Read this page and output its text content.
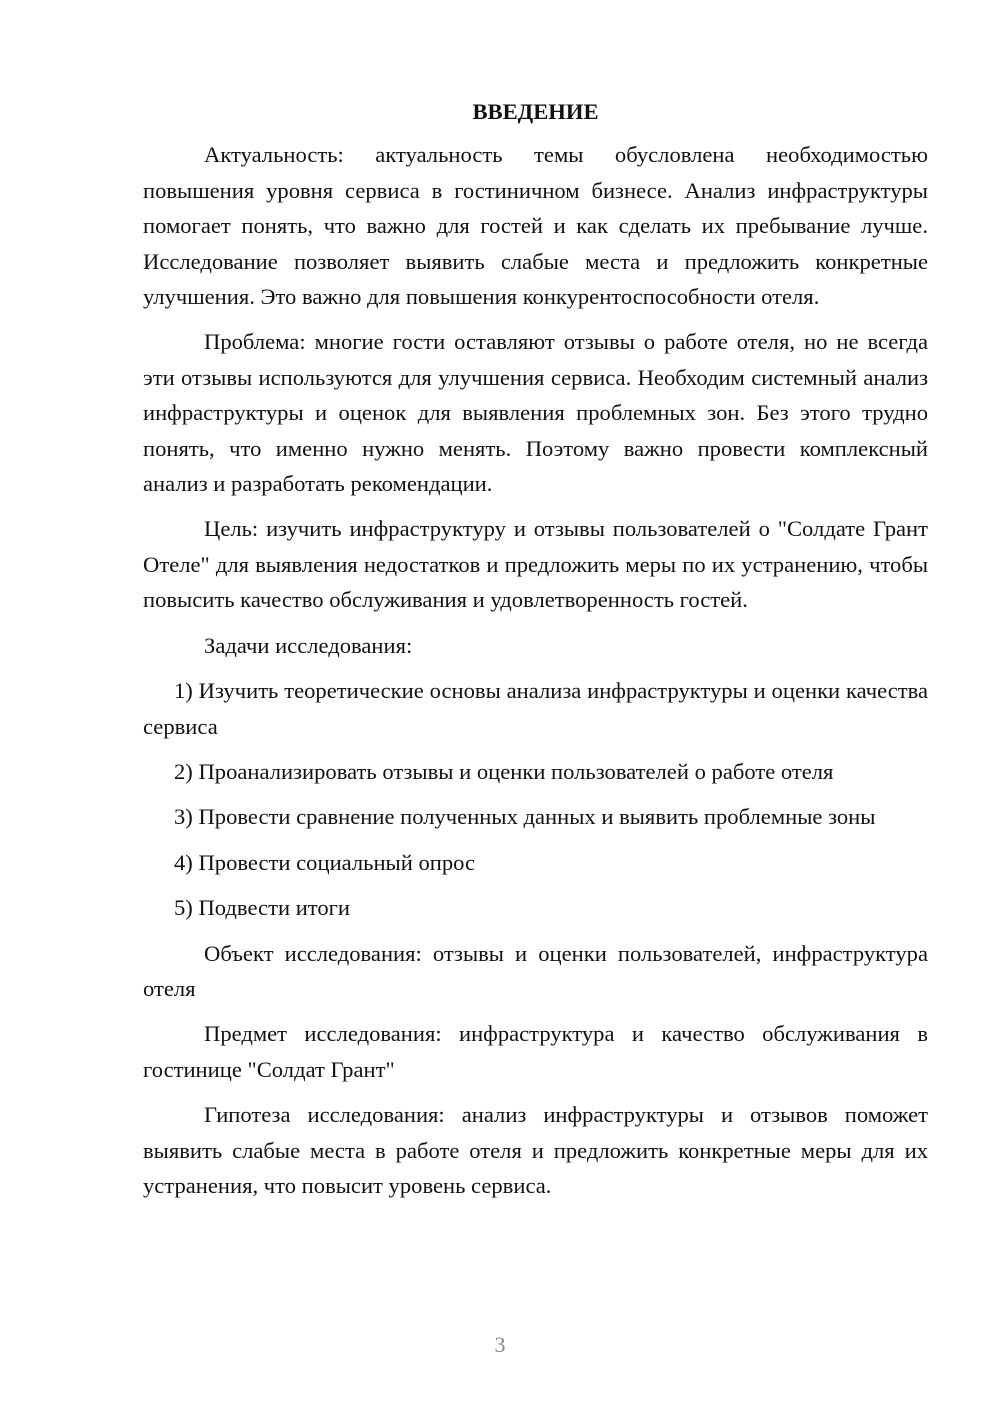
ВВЕДЕНИЕ

Актуальность: актуальность темы обусловлена необходимостью повышения уровня сервиса в гостиничном бизнесе. Анализ инфраструктуры помогает понять, что важно для гостей и как сделать их пребывание лучше. Исследование позволяет выявить слабые места и предложить конкретные улучшения. Это важно для повышения конкурентоспособности отеля.

Проблема: многие гости оставляют отзывы о работе отеля, но не всегда эти отзывы используются для улучшения сервиса. Необходим системный анализ инфраструктуры и оценок для выявления проблемных зон. Без этого трудно понять, что именно нужно менять. Поэтому важно провести комплексный анализ и разработать рекомендации.

Цель: изучить инфраструктуру и отзывы пользователей о "Солдате Грант Отеле" для выявления недостатков и предложить меры по их устранению, чтобы повысить качество обслуживания и удовлетворенность гостей.

Задачи исследования:

1) Изучить теоретические основы анализа инфраструктуры и оценки качества сервиса

2) Проанализировать отзывы и оценки пользователей о работе отеля

3) Провести сравнение полученных данных и выявить проблемные зоны

4) Провести социальный опрос

5) Подвести итоги

Объект исследования: отзывы и оценки пользователей, инфраструктура отеля

Предмет исследования: инфраструктура и качество обслуживания в гостинице "Солдат Грант"

Гипотеза исследования: анализ инфраструктуры и отзывов поможет выявить слабые места в работе отеля и предложить конкретные меры для их устранения, что повысит уровень сервиса.

3
